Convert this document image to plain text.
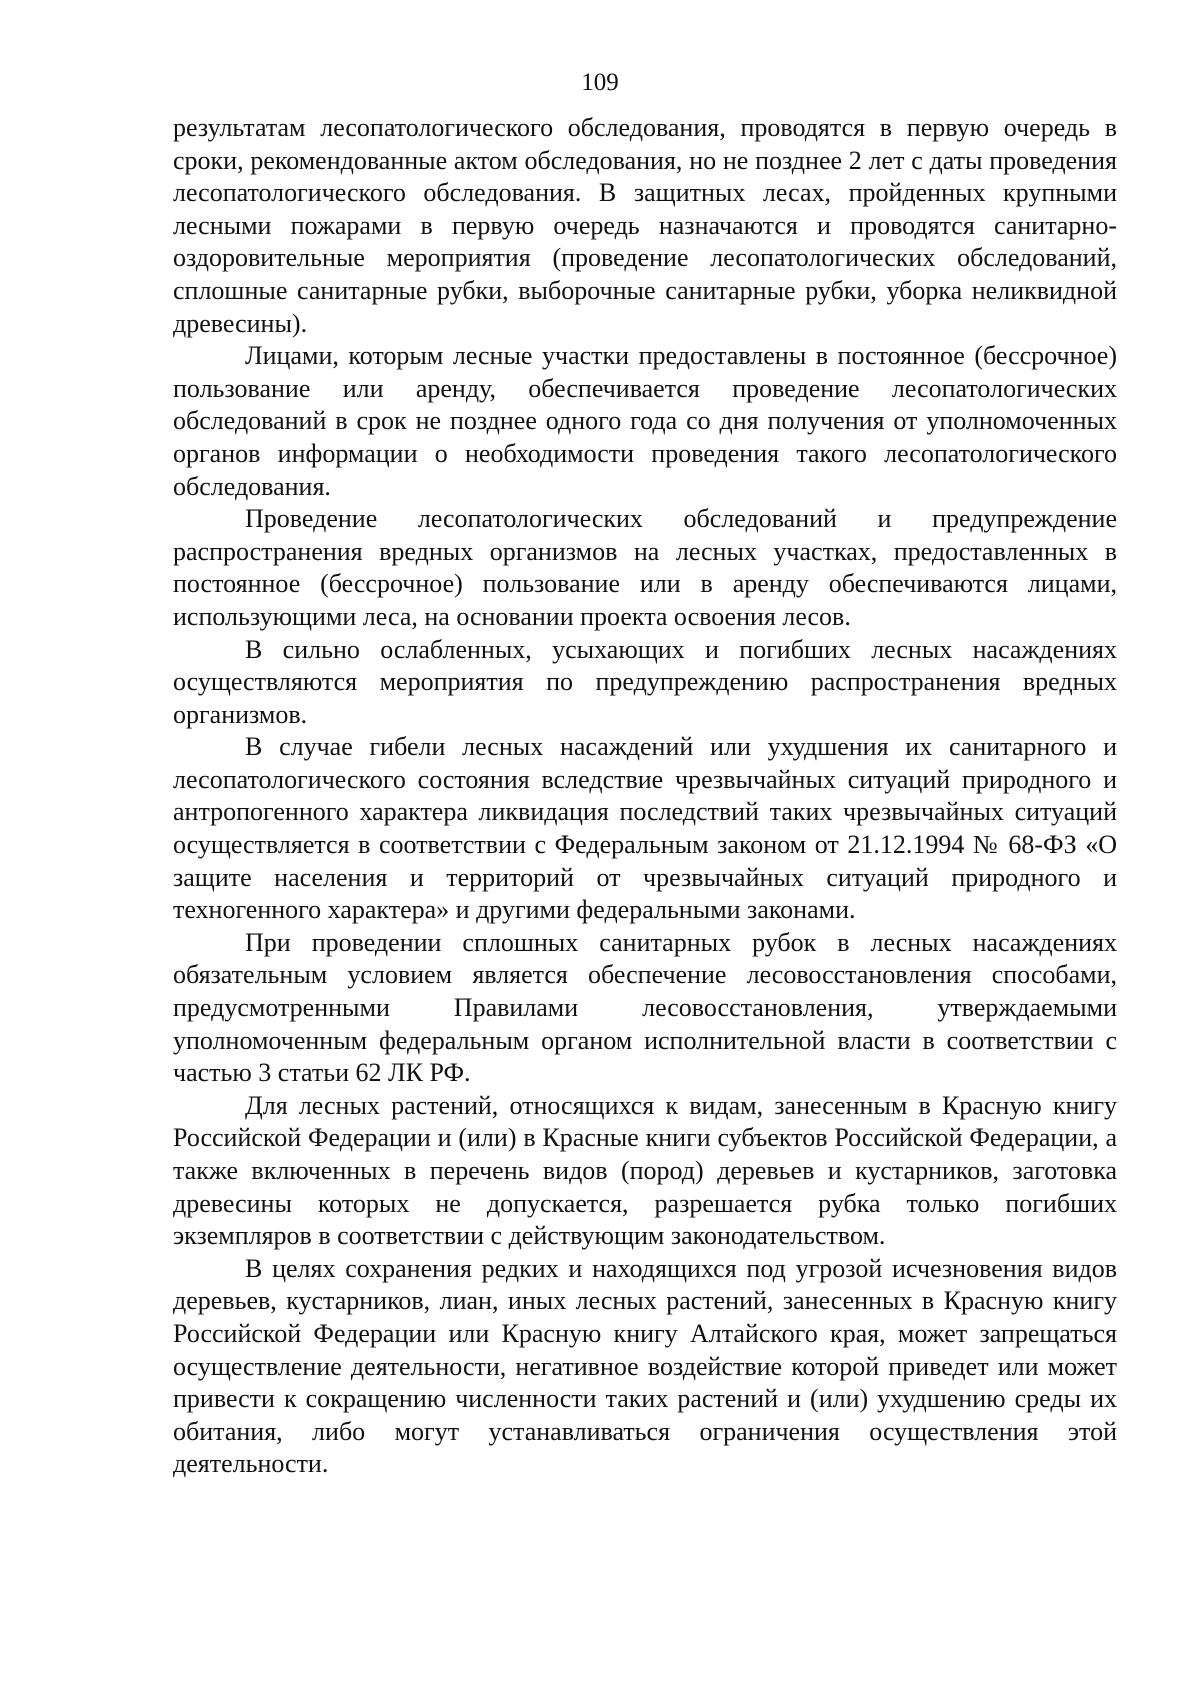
109

результатам лесопатологического обследования, проводятся в первую очередь в сроки, рекомендованные актом обследования, но не позднее 2 лет с даты проведения лесопатологического обследования. В защитных лесах, пройденных крупными лесными пожарами в первую очередь назначаются и проводятся санитарно-оздоровительные мероприятия (проведение лесопатологических обследований, сплошные санитарные рубки, выборочные санитарные рубки, уборка неликвидной древесины).

Лицами, которым лесные участки предоставлены в постоянное (бессрочное) пользование или аренду, обеспечивается проведение лесопатологических обследований в срок не позднее одного года со дня получения от уполномоченных органов информации о необходимости проведения такого лесопатологического обследования.

Проведение лесопатологических обследований и предупреждение распространения вредных организмов на лесных участках, предоставленных в постоянное (бессрочное) пользование или в аренду обеспечиваются лицами, использующими леса, на основании проекта освоения лесов.

В сильно ослабленных, усыхающих и погибших лесных насаждениях осуществляются мероприятия по предупреждению распространения вредных организмов.

В случае гибели лесных насаждений или ухудшения их санитарного и лесопатологического состояния вследствие чрезвычайных ситуаций природного и антропогенного характера ликвидация последствий таких чрезвычайных ситуаций осуществляется в соответствии с Федеральным законом от 21.12.1994 № 68-ФЗ «О защите населения и территорий от чрезвычайных ситуаций природного и техногенного характера» и другими федеральными законами.

При проведении сплошных санитарных рубок в лесных насаждениях обязательным условием является обеспечение лесовосстановления способами, предусмотренными Правилами лесовосстановления, утверждаемыми уполномоченным федеральным органом исполнительной власти в соответствии с частью 3 статьи 62 ЛК РФ.

Для лесных растений, относящихся к видам, занесенным в Красную книгу Российской Федерации и (или) в Красные книги субъектов Российской Федерации, а также включенных в перечень видов (пород) деревьев и кустарников, заготовка древесины которых не допускается, разрешается рубка только погибших экземпляров в соответствии с действующим законодательством.

В целях сохранения редких и находящихся под угрозой исчезновения видов деревьев, кустарников, лиан, иных лесных растений, занесенных в Красную книгу Российской Федерации или Красную книгу Алтайского края, может запрещаться осуществление деятельности, негативное воздействие которой приведет или может привести к сокращению численности таких растений и (или) ухудшению среды их обитания, либо могут устанавливаться ограничения осуществления этой деятельности.
